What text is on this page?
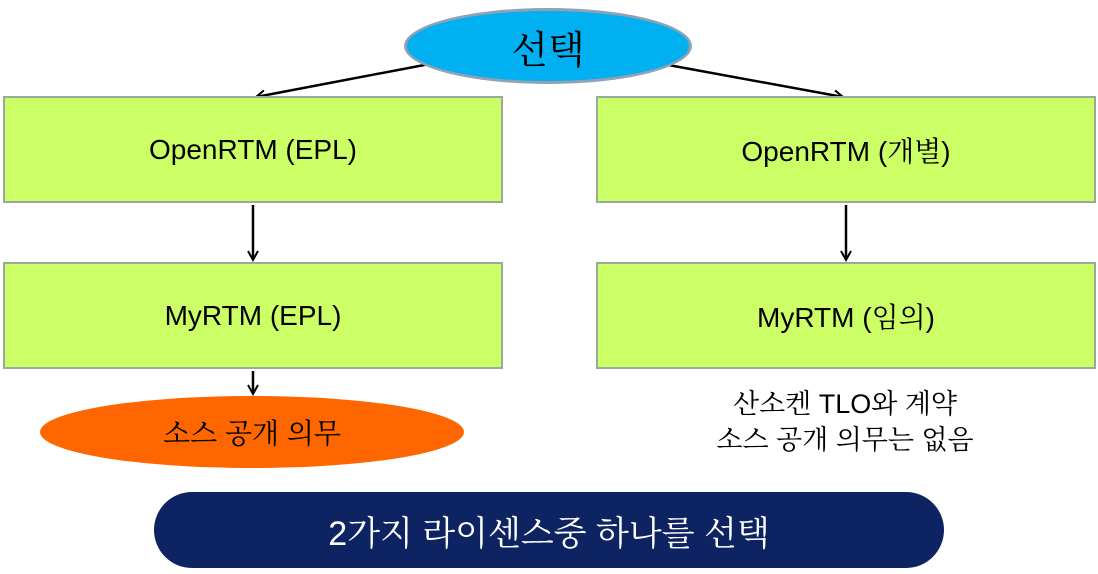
선택
OpenRTM (EPL)	OpenRTM (개별)
MyRTM (EPL)	MyRTM (임의)
소스 공개 의무
산소켄 TLO와 계약
소스 공개 의무는 없음
2가지 라이센스중 하나를 선택
